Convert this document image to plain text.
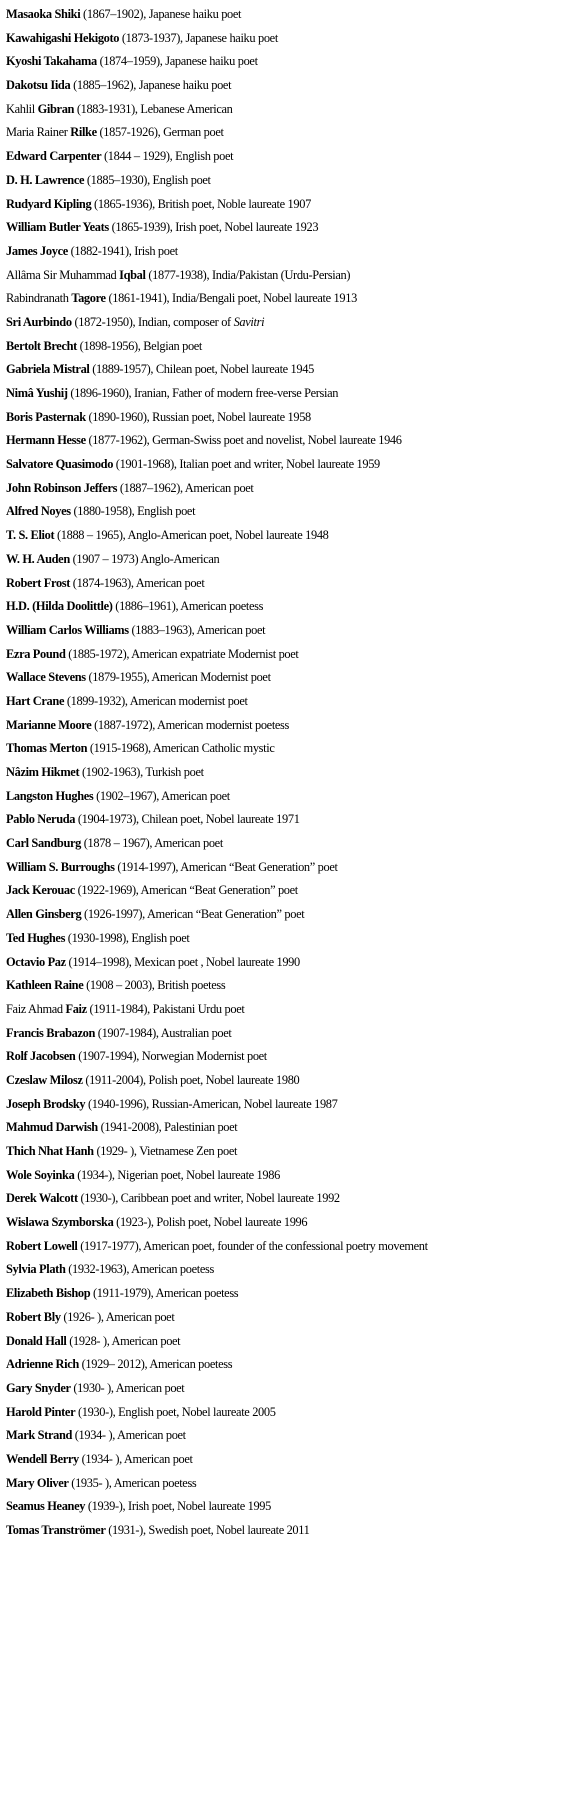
Masaoka Shiki (1867–1902), Japanese haiku poet
Kawahigashi Hekigoto (1873-1937), Japanese haiku poet
Kyoshi Takahama (1874–1959), Japanese haiku poet
Dakotsu Iida (1885–1962), Japanese haiku poet
Kahlil Gibran (1883-1931), Lebanese American
Maria Rainer Rilke (1857-1926), German poet
Edward Carpenter (1844 – 1929), English poet
D. H. Lawrence (1885–1930), English poet
Rudyard Kipling (1865-1936), British poet, Noble laureate 1907
William Butler Yeats (1865-1939), Irish poet, Nobel laureate 1923
James Joyce (1882-1941), Irish poet
Allâma Sir Muhammad Iqbal (1877-1938), India/Pakistan (Urdu-Persian)
Rabindranath Tagore (1861-1941), India/Bengali poet, Nobel laureate 1913
Sri Aurbindo (1872-1950), Indian, composer of Savitri
Bertolt Brecht (1898-1956), Belgian poet
Gabriela Mistral (1889-1957), Chilean poet, Nobel laureate 1945
Nimâ Yushij (1896-1960), Iranian, Father of modern free-verse Persian
Boris Pasternak (1890-1960), Russian poet, Nobel laureate 1958
Hermann Hesse (1877-1962), German-Swiss poet and novelist, Nobel laureate 1946
Salvatore Quasimodo (1901-1968), Italian poet and writer, Nobel laureate 1959
John Robinson Jeffers (1887–1962), American poet
Alfred Noyes (1880-1958), English poet
T. S. Eliot (1888 – 1965), Anglo-American poet, Nobel laureate 1948
W. H. Auden (1907 – 1973) Anglo-American
Robert Frost (1874-1963), American poet
H.D. (Hilda Doolittle) (1886–1961), American poetess
William Carlos Williams (1883–1963), American poet
Ezra Pound (1885-1972), American expatriate Modernist poet
Wallace Stevens (1879-1955), American Modernist poet
Hart Crane (1899-1932), American modernist poet
Marianne Moore (1887-1972), American modernist poetess
Thomas Merton (1915-1968), American Catholic mystic
Nâzim Hikmet (1902-1963), Turkish poet
Langston Hughes (1902–1967), American poet
Pablo Neruda (1904-1973), Chilean poet, Nobel laureate 1971
Carl Sandburg (1878 – 1967), American poet
William S. Burroughs (1914-1997), American “Beat Generation” poet
Jack Kerouac (1922-1969), American “Beat Generation” poet
Allen Ginsberg (1926-1997), American “Beat Generation” poet
Ted Hughes (1930-1998), English poet
Octavio Paz (1914–1998), Mexican poet , Nobel laureate 1990
Kathleen Raine (1908 – 2003), British poetess
Faiz Ahmad Faiz (1911-1984), Pakistani Urdu poet
Francis Brabazon (1907-1984), Australian poet
Rolf Jacobsen (1907-1994), Norwegian Modernist poet
Czeslaw Milosz (1911-2004), Polish poet, Nobel laureate 1980
Joseph Brodsky (1940-1996), Russian-American, Nobel laureate 1987
Mahmud Darwish (1941-2008), Palestinian poet
Thich Nhat Hanh (1929- ), Vietnamese Zen poet
Wole Soyinka (1934-), Nigerian poet, Nobel laureate 1986
Derek Walcott (1930-), Caribbean poet and writer, Nobel laureate 1992
Wislawa Szymborska (1923-), Polish poet, Nobel laureate 1996
Robert Lowell (1917-1977), American poet, founder of the confessional poetry movement
Sylvia Plath (1932-1963), American poetess
Elizabeth Bishop (1911-1979), American poetess
Robert Bly (1926- ), American poet
Donald Hall (1928- ), American poet
Adrienne Rich (1929– 2012), American poetess
Gary Snyder (1930- ), American poet
Harold Pinter (1930-), English poet, Nobel laureate 2005
Mark Strand (1934- ), American poet
Wendell Berry (1934- ), American poet
Mary Oliver (1935- ), American poetess
Seamus Heaney (1939-), Irish poet, Nobel laureate 1995
Tomas Tranströmer (1931-), Swedish poet, Nobel laureate 2011
